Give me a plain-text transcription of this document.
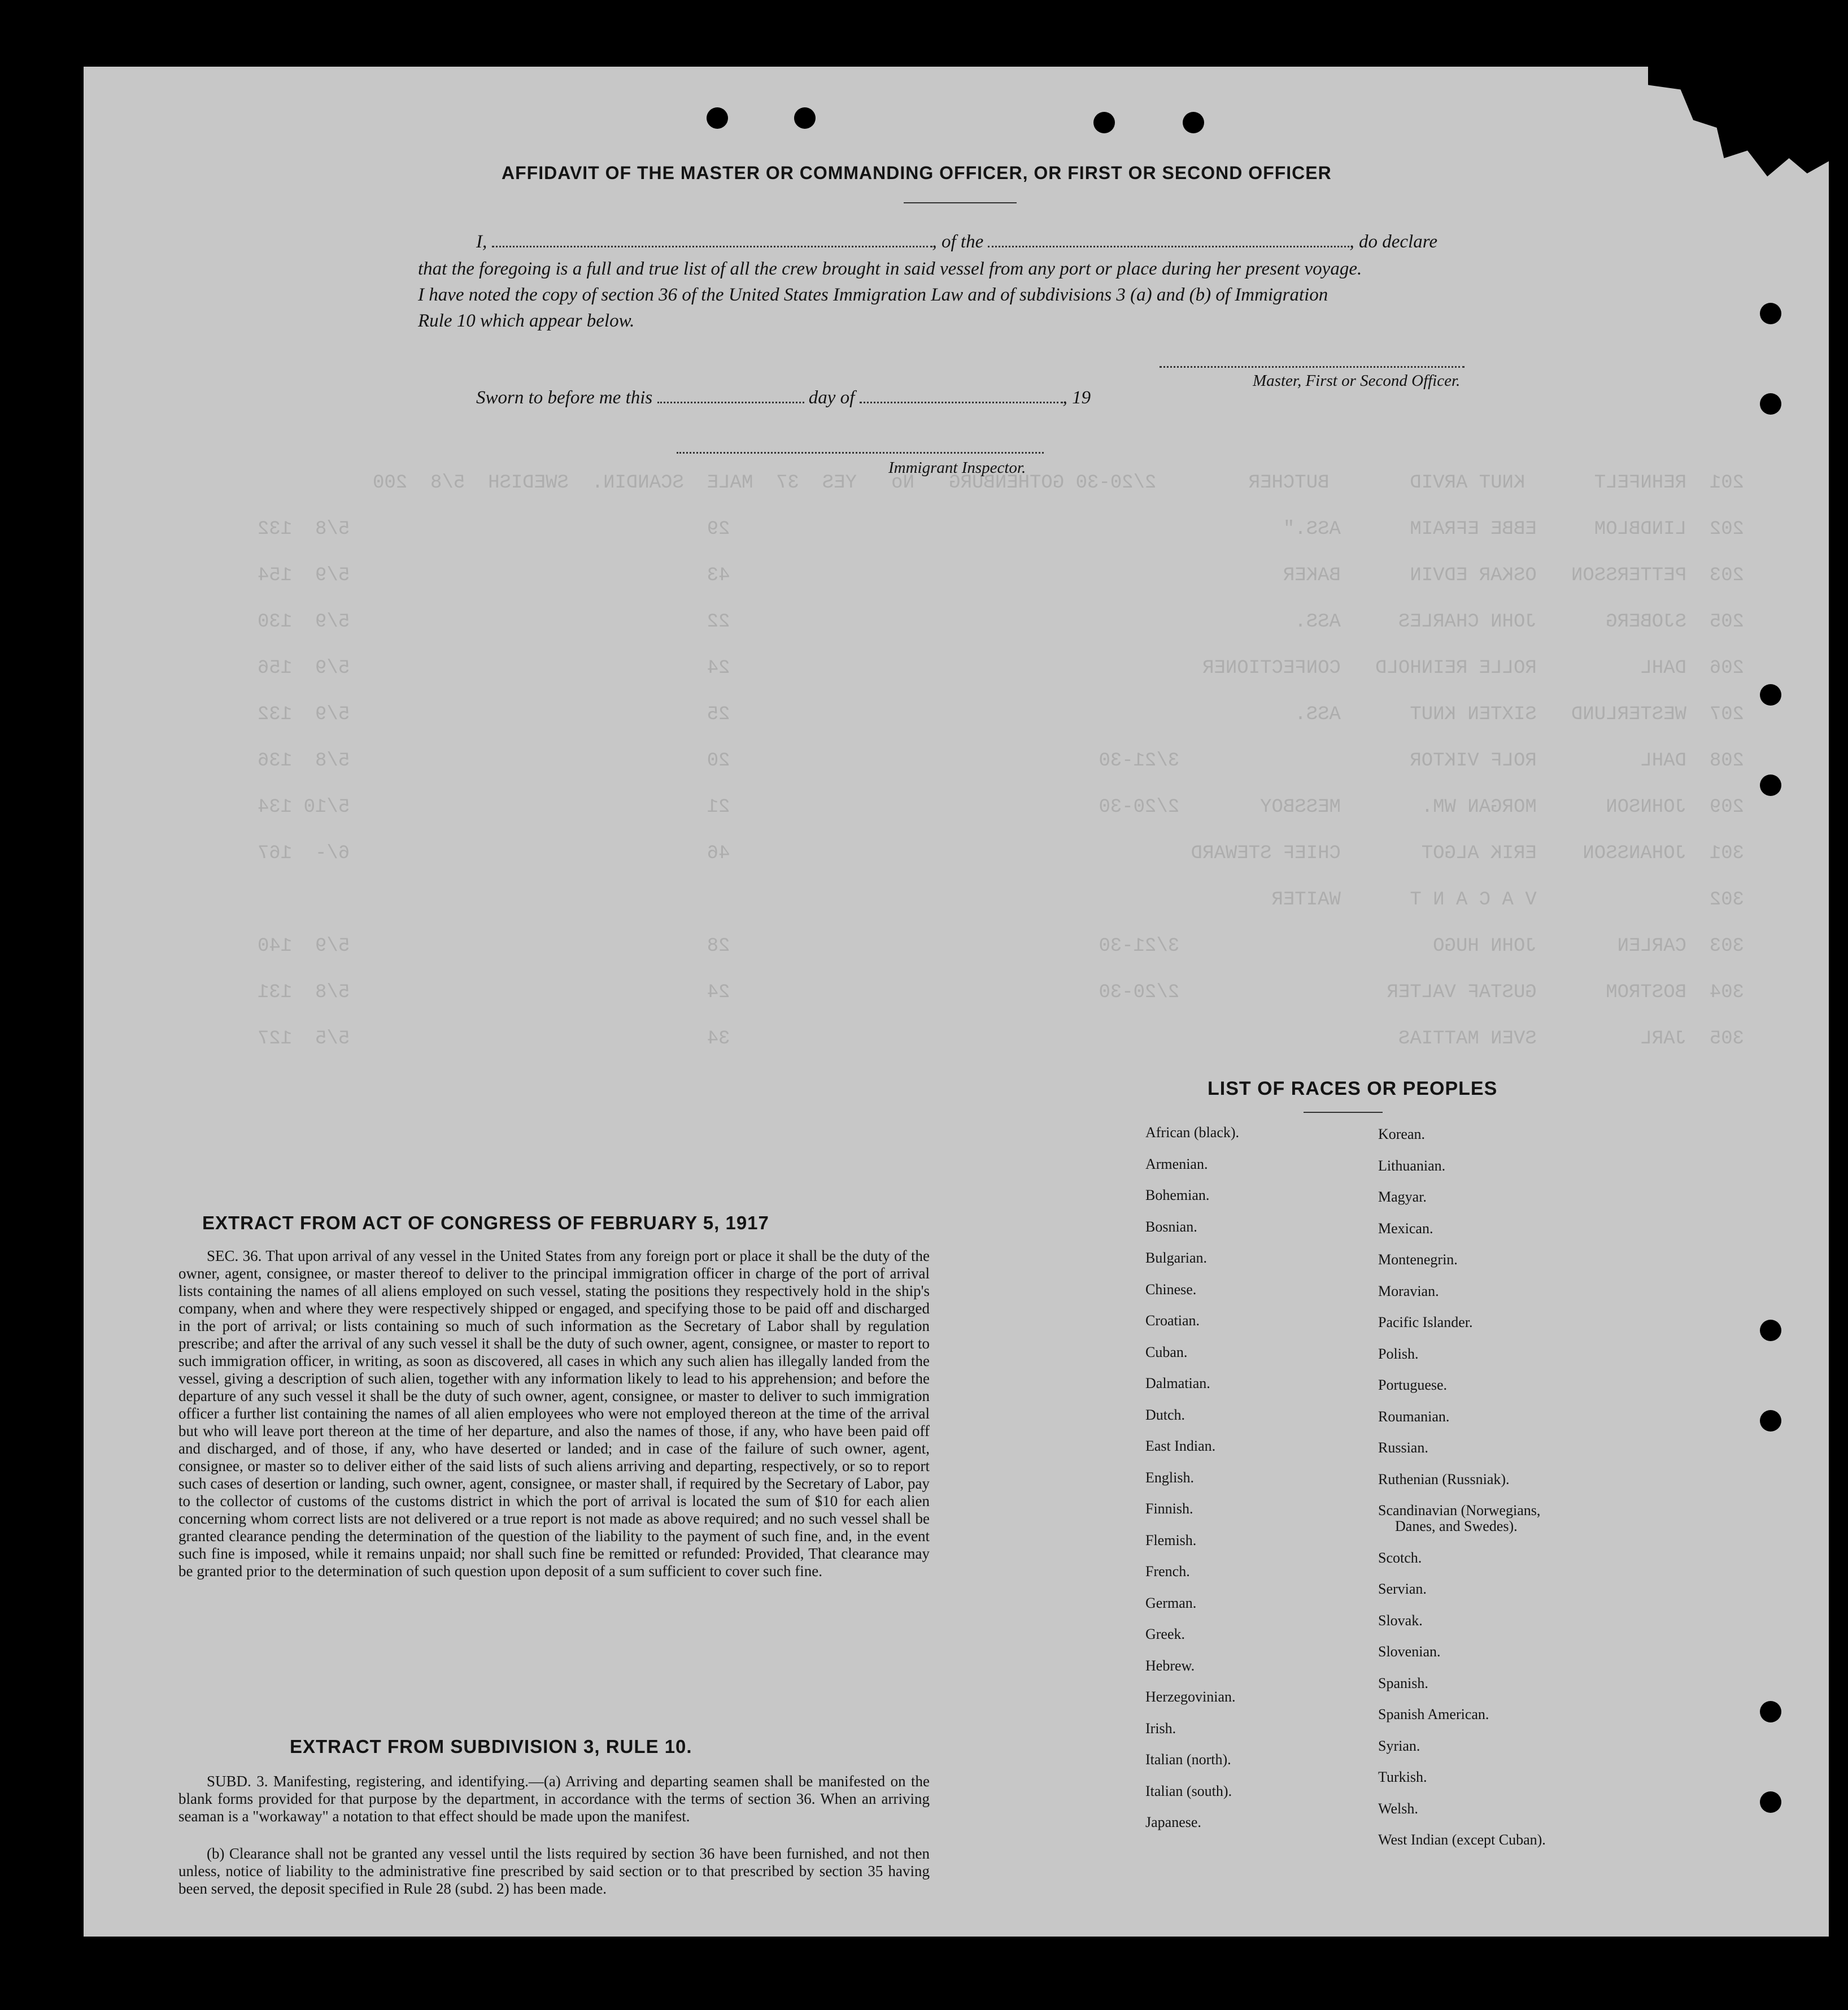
201  REHNFELT      KNUT ARVID       BUTCHER        2/20-30 GOTHENBURG   No   YES  37  MALE  SCANDIN.  SWEDISH  5/8  200
202  LINDBLOM     EBBE EFRAIM      ASS."                                                29                               5/8  132
203  PETTERSSON   OSKAR EDVIN      BAKER                                                43                               5/9  154
205  SJOBERG      JOHN CHARLES     ASS.                                                 22                               5/9  130
206  DAHL         ROLLE REINHOLD   CONFECTIONER                                         24                               5/9  156
207  WESTERLUND   SIXTEN KNUT      ASS.                                                 25                               5/9  132
208  DAHL         ROLF VIKTOR                    3/21-30                                20                               5/8  136
209  JOHNSON      MORGAN WM.       MESSBOY       2/20-30                                21                               5/10 134
301  JOHANSSON    ERIK ALGOT       CHIEF STEWARD                                        46                               6/-  167
302               V A C A N T      WAITER
303  CARLEN       JOHN HUGO                      3/21-30                                28                               5/9  140
304  BOSTROM      GUSTAF VALTER                  2/20-30                                24                               5/8  131
305  JARL         SVEN MATTIAS                                                          34                               5/5  127
AFFIDAVIT OF THE MASTER OR COMMANDING OFFICER, OR FIRST OR SECOND OFFICER
I,	, of the	, do declare
that the foregoing is a full and true list of all the crew brought in said vessel from any port or place during her present voyage.
I have noted the copy of section 36 of the United States Immigration Law and of subdivisions 3 (a) and (b) of Immigration
Rule 10 which appear below.
Master, First or Second Officer.
Sworn to before me this	day of	, 19
Immigrant Inspector.
LIST OF RACES OR PEOPLES
African (black).
Armenian.
Bohemian.
Bosnian.
Bulgarian.
Chinese.
Croatian.
Cuban.
Dalmatian.
Dutch.
East Indian.
English.
Finnish.
Flemish.
French.
German.
Greek.
Hebrew.
Herzegovinian.
Irish.
Italian (north).
Italian (south).
Japanese.
Korean.
Lithuanian.
Magyar.
Mexican.
Montenegrin.
Moravian.
Pacific Islander.
Polish.
Portuguese.
Roumanian.
Russian.
Ruthenian (Russniak).
Scandinavian (Norwegians,
Danes, and Swedes).
Scotch.
Servian.
Slovak.
Slovenian.
Spanish.
Spanish American.
Syrian.
Turkish.
Welsh.
West Indian (except Cuban).
EXTRACT FROM ACT OF CONGRESS OF FEBRUARY 5, 1917
SEC. 36. That upon arrival of any vessel in the United States from any foreign port or place it shall be the duty of the owner, agent, consignee, or master thereof to deliver to the principal immigration officer in charge of the port of arrival lists containing the names of all aliens employed on such vessel, stating the positions they respectively hold in the ship's company, when and where they were respectively shipped or engaged, and specifying those to be paid off and discharged in the port of arrival; or lists containing so much of such information as the Secretary of Labor shall by regulation prescribe; and after the arrival of any such vessel it shall be the duty of such owner, agent, consignee, or master to report to such immigration officer, in writing, as soon as discovered, all cases in which any such alien has illegally landed from the vessel, giving a description of such alien, together with any information likely to lead to his apprehension; and before the departure of any such vessel it shall be the duty of such owner, agent, consignee, or master to deliver to such immigration officer a further list containing the names of all alien employees who were not employed thereon at the time of the arrival but who will leave port thereon at the time of her departure, and also the names of those, if any, who have been paid off and discharged, and of those, if any, who have deserted or landed; and in case of the failure of such owner, agent, consignee, or master so to deliver either of the said lists of such aliens arriving and departing, respectively, or so to report such cases of desertion or landing, such owner, agent, consignee, or master shall, if required by the Secretary of Labor, pay to the collector of customs of the customs district in which the port of arrival is located the sum of $10 for each alien concerning whom correct lists are not delivered or a true report is not made as above required; and no such vessel shall be granted clearance pending the determination of the question of the liability to the payment of such fine, and, in the event such fine is imposed, while it remains unpaid; nor shall such fine be remitted or refunded: Provided, That clearance may be granted prior to the determination of such question upon deposit of a sum sufficient to cover such fine.
EXTRACT FROM SUBDIVISION 3, RULE 10.
SUBD. 3. Manifesting, registering, and identifying.—(a) Arriving and departing seamen shall be manifested on the blank forms provided for that purpose by the department, in accordance with the terms of section 36. When an arriving seaman is a "workaway" a notation to that effect should be made upon the manifest.
(b) Clearance shall not be granted any vessel until the lists required by section 36 have been furnished, and not then unless, notice of liability to the administrative fine prescribed by said section or to that prescribed by section 35 having been served, the deposit specified in Rule 28 (subd. 2) has been made.
